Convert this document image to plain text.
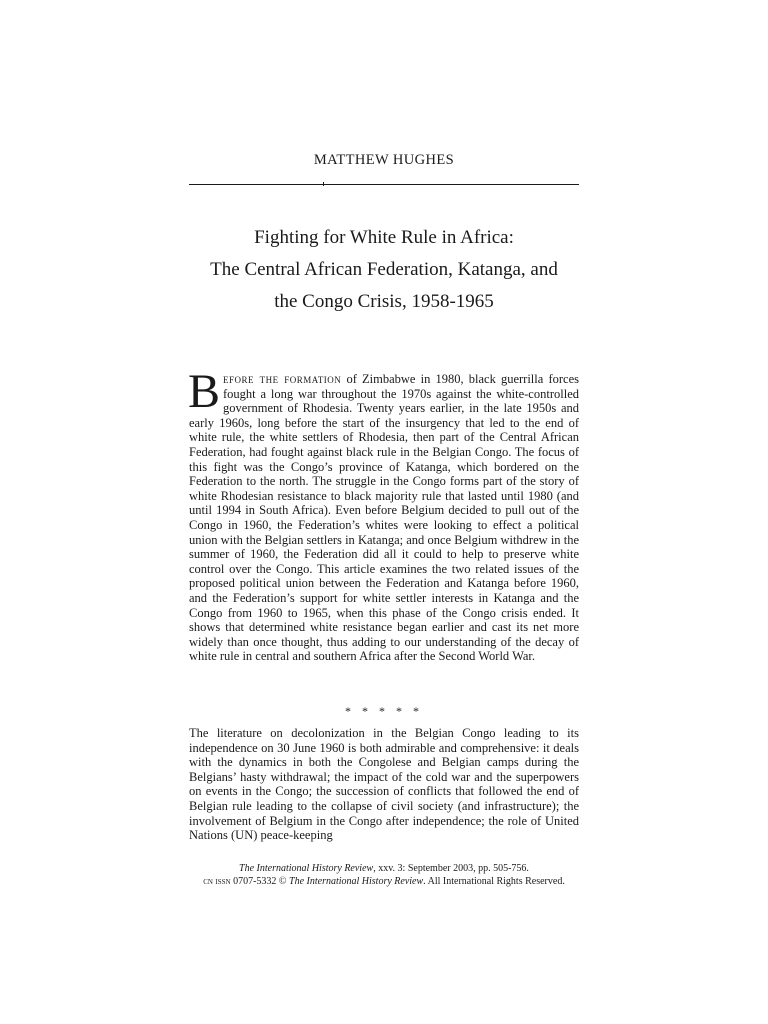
MATTHEW HUGHES
Fighting for White Rule in Africa:
The Central African Federation, Katanga, and
the Congo Crisis, 1958-1965
Before the formation of Zimbabwe in 1980, black guerrilla forces fought a long war throughout the 1970s against the white-controlled government of Rhodesia. Twenty years earlier, in the late 1950s and early 1960s, long before the start of the insurgency that led to the end of white rule, the white settlers of Rhodesia, then part of the Central African Federation, had fought against black rule in the Belgian Congo. The focus of this fight was the Congo’s province of Katanga, which bordered on the Federation to the north. The struggle in the Congo forms part of the story of white Rhodesian resistance to black majority rule that lasted until 1980 (and until 1994 in South Africa). Even before Belgium decided to pull out of the Congo in 1960, the Federation’s whites were looking to effect a political union with the Belgian settlers in Katanga; and once Belgium withdrew in the summer of 1960, the Federation did all it could to help to preserve white control over the Congo. This article examines the two related issues of the proposed political union between the Federation and Katanga before 1960, and the Federation’s support for white settler interests in Katanga and the Congo from 1960 to 1965, when this phase of the Congo crisis ended. It shows that determined white resistance began earlier and cast its net more widely than once thought, thus adding to our understanding of the decay of white rule in central and southern Africa after the Second World War.
* * * * *
The literature on decolonization in the Belgian Congo leading to its independence on 30 June 1960 is both admirable and comprehensive: it deals with the dynamics in both the Congolese and Belgian camps during the Belgians’ hasty withdrawal; the impact of the cold war and the superpowers on events in the Congo; the succession of conflicts that followed the end of Belgian rule leading to the collapse of civil society (and infrastructure); the involvement of Belgium in the Congo after independence; the role of United Nations (UN) peace-keeping
The International History Review, xxv. 3: September 2003, pp. 505-756.
cn issn 0707-5332 © The International History Review. All International Rights Reserved.
